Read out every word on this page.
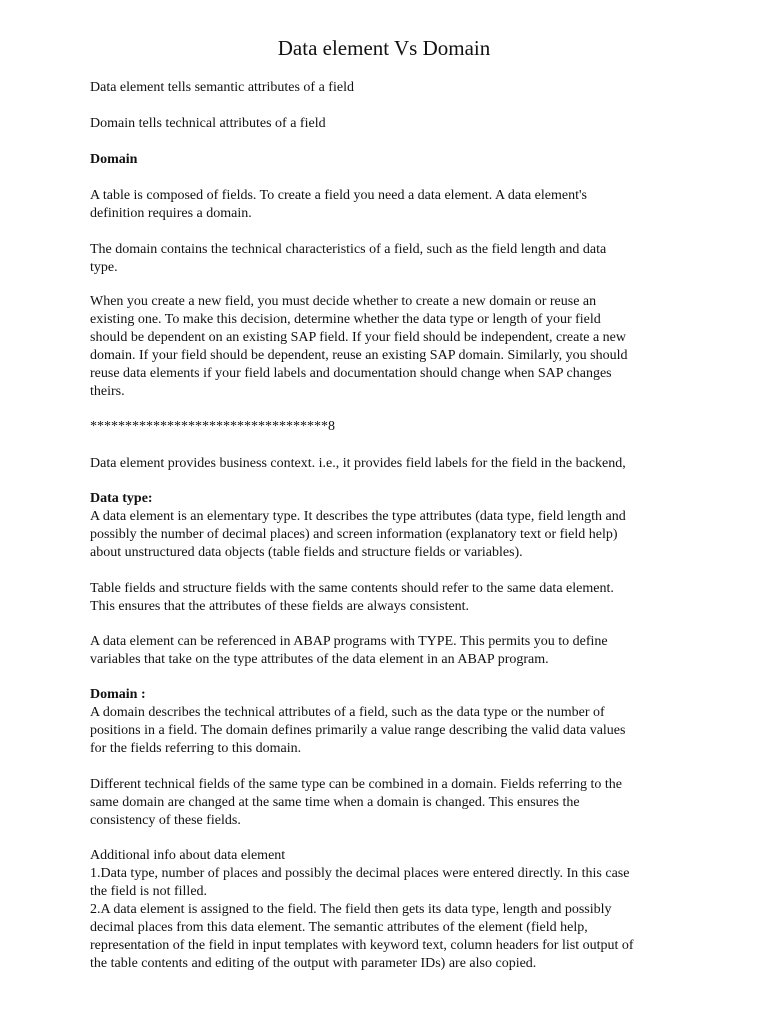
Data element Vs Domain

Data element tells semantic attributes of a field

Domain tells technical attributes of a field

Domain

A table is composed of fields. To create a field you need a data element. A data element's
definition requires a domain.

The domain contains the technical characteristics of a field, such as the field length and data
type.

When you create a new field, you must decide whether to create a new domain or reuse an
existing one. To make this decision, determine whether the data type or length of your field
should be dependent on an existing SAP field. If your field should be independent, create a new
domain. If your field should be dependent, reuse an existing SAP domain. Similarly, you should
reuse data elements if your field labels and documentation should change when SAP changes
theirs.

**********************************8

Data element provides business context. i.e., it provides field labels for the field in the backend,

Data type:

A data element is an elementary type. It describes the type attributes (data type, field length and
possibly the number of decimal places) and screen information (explanatory text or field help)
about unstructured data objects (table fields and structure fields or variables).

Table fields and structure fields with the same contents should refer to the same data element.
This ensures that the attributes of these fields are always consistent.

A data element can be referenced in ABAP programs with TYPE. This permits you to define
variables that take on the type attributes of the data element in an ABAP program.

Domain :

A domain describes the technical attributes of a field, such as the data type or the number of
positions in a field. The domain defines primarily a value range describing the valid data values
for the fields referring to this domain.

Different technical fields of the same type can be combined in a domain. Fields referring to the
same domain are changed at the same time when a domain is changed. This ensures the
consistency of these fields.

Additional info about data element
1.Data type, number of places and possibly the decimal places were entered directly. In this case
the field is not filled.
2.A data element is assigned to the field. The field then gets its data type, length and possibly
decimal places from this data element. The semantic attributes of the element (field help,
representation of the field in input templates with keyword text, column headers for list output of
the table contents and editing of the output with parameter IDs) are also copied.
